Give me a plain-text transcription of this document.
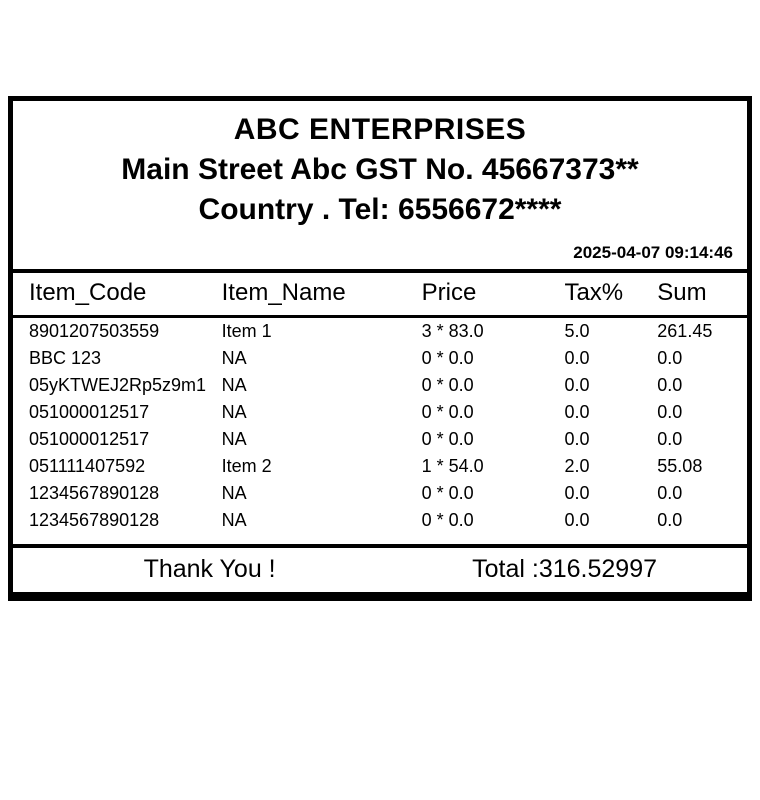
ABC ENTERPRISES
Main Street Abc GST No. 45667373**
Country . Tel: 6556672****
2025-04-07 09:14:46
Item_Code	Item_Name	Price	Tax%	Sum
8901207503559	Item 1	3 * 83.0	5.0	261.45
BBC 123	NA	0 * 0.0	0.0	0.0
05yKTWEJ2Rp5z9m1	NA	0 * 0.0	0.0	0.0
051000012517	NA	0 * 0.0	0.0	0.0
051000012517	NA	0 * 0.0	0.0	0.0
051111407592	Item 2	1 * 54.0	2.0	55.08
1234567890128	NA	0 * 0.0	0.0	0.0
1234567890128	NA	0 * 0.0	0.0	0.0
Thank You !	Total :316.52997
